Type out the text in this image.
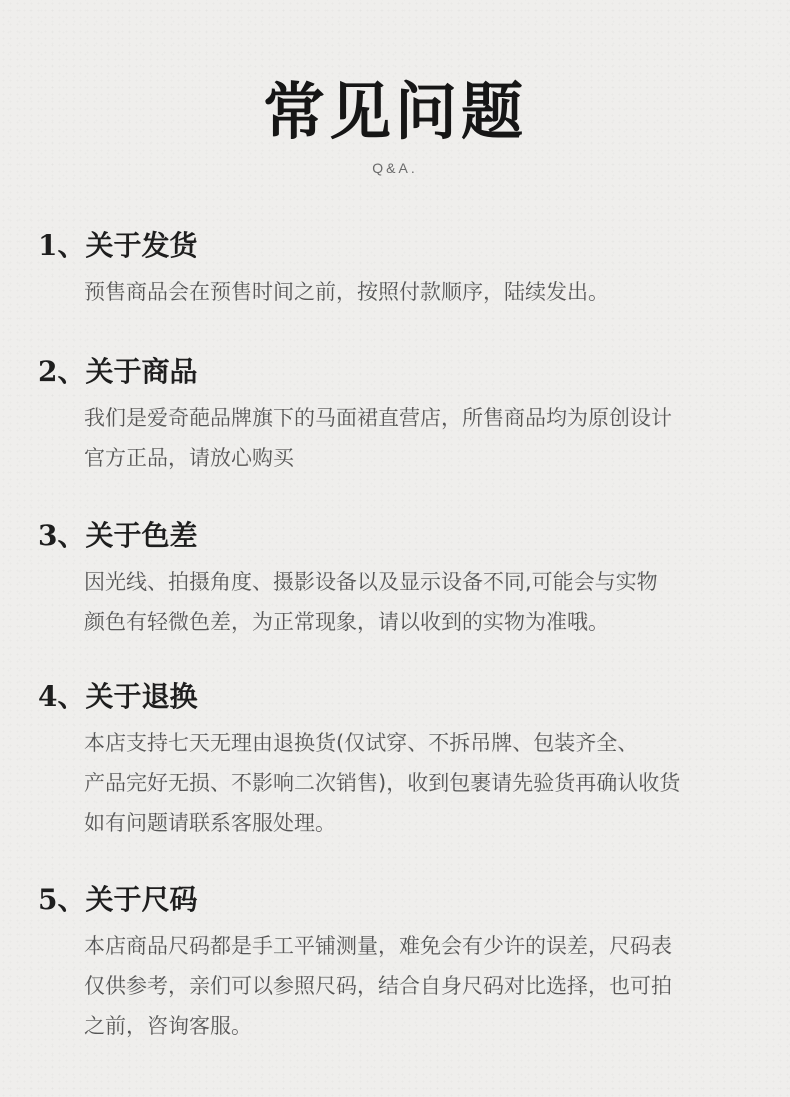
常见问题
Q&A.
1、关于发货
预售商品会在预售时间之前，按照付款顺序，陆续发出。
2、关于商品
我们是爱奇葩品牌旗下的马面裙直营店，所售商品均为原创设计
官方正品，请放心购买
3、关于色差
因光线、拍摄角度、摄影设备以及显示设备不同,可能会与实物
颜色有轻微色差，为正常现象，请以收到的实物为准哦。
4、关于退换
本店支持七天无理由退换货(仅试穿、不拆吊牌、包装齐全、
产品完好无损、不影响二次销售)，收到包裹请先验货再确认收货
如有问题请联系客服处理。
5、关于尺码
本店商品尺码都是手工平铺测量，难免会有少许的误差，尺码表
仅供参考，亲们可以参照尺码，结合自身尺码对比选择，也可拍
之前，咨询客服。
